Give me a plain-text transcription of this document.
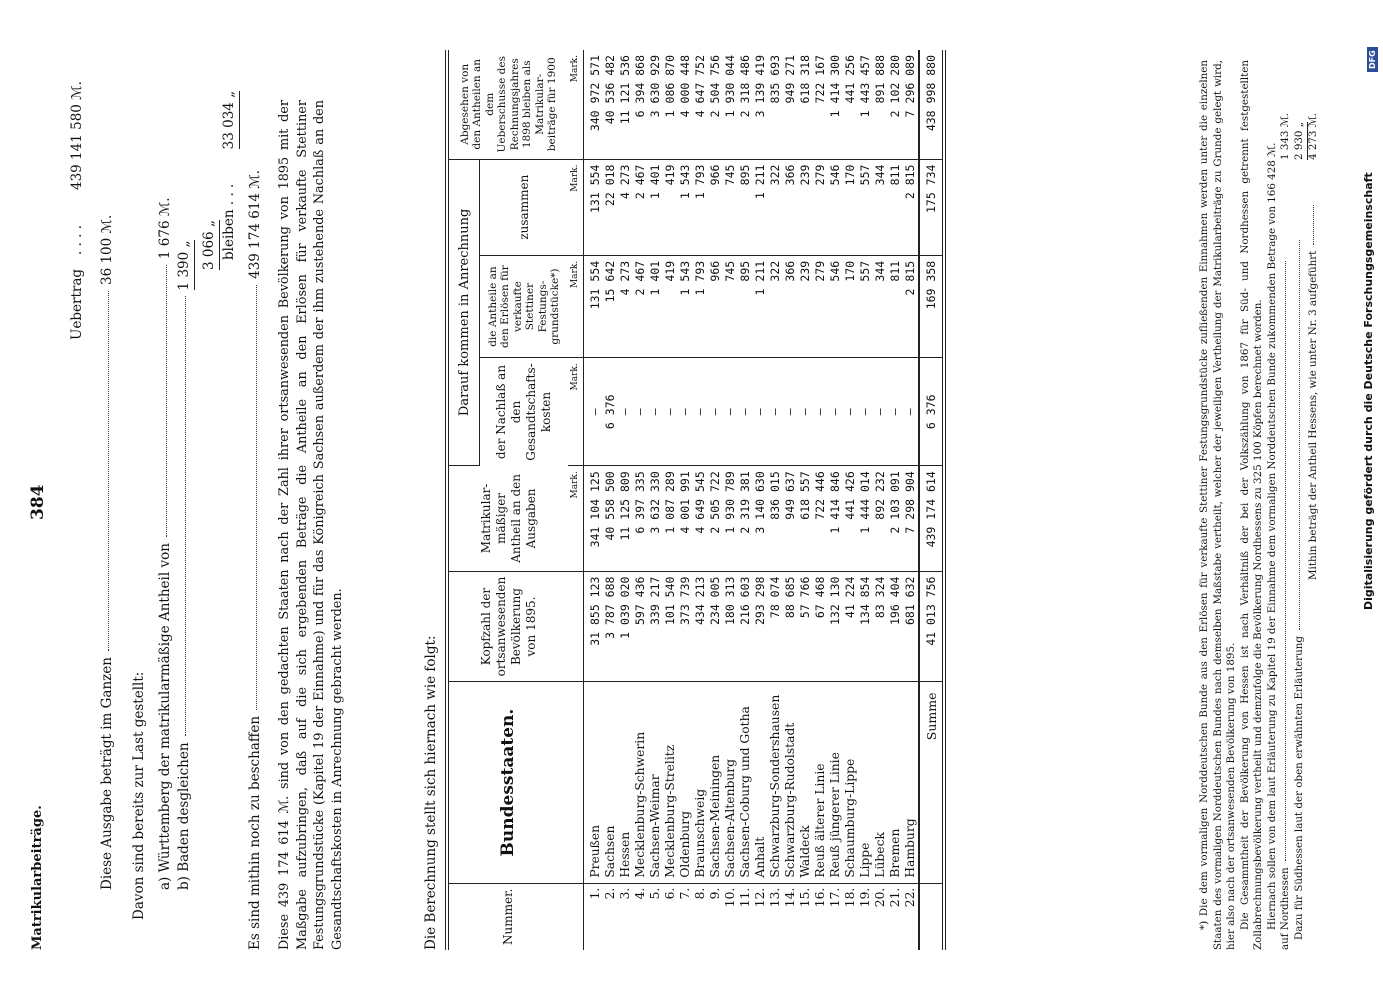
Matrikularbeiträge.
384
Uebertrag
. . . .
439 141 580 ℳ.
Diese Ausgabe beträgt im Ganzen36 100 ℳ.
Davon sind bereits zur Last gestellt: a) Württemberg der matrikularmäßige Antheil von1 676 ℳ.
b) Baden desgleichen1 390 „ 3 066 „ bleiben . . . 33 034 „
Es sind mithin noch zu beschaffen439 174 614 ℳ. Diese 439 174 614 ℳ. sind von den gedachten Staaten nach der Zahl ihrer ortsanwesenden Bevölkerung von 1895 mit der Maßgabe aufzubringen, daß auf die sich ergebenden Beträge die Antheile an den Erlösen für verkaufte Stettiner Festungsgrundstücke (Kapitel 19 der Einnahme) und für das Königreich Sachsen außerdem der ihm zustehende Nachlaß an den Gesandtschaftskosten in Anrechnung gebracht werden.	Die Berechnung stellt sich hiernach wie folgt:	Nummer.	Bundesstaaten.	Kopfzahl der ortsanwesenden Bevölkerung von 1895.	Matrikular-mäßiger Antheil an den Ausgaben	Darauf kommen in Anrechnung			Abgesehen von den Antheilen an dem Ueberschusse des Rechnungsjahres 1898 bleiben als Matrikular-beiträge für 1900
				der Nachlaß an den Gesandtschafts-kosten	die Antheile an den Erlösen für verkaufte Stettiner Festungs-grundstücke*)	zusammen	
			Mark.	Mark.	Mark.	Mark.	Mark.
1.	Preußen	31 855 123	341 104 125	—	131 554	131 554	340 972 571
2.	Sachsen	3 787 688	40 558 500	6 376	15 642	22 018	40 536 482
3.	Hessen	1 039 020	11 125 809	—	4 273	4 273	11 121 536
4.	Mecklenburg-Schwerin	597 436	6 397 335	—	2 467	2 467	6 394 868
5.	Sachsen-Weimar	339 217	3 632 330	—	1 401	1 401	3 630 929
6.	Mecklenburg-Strelitz	101 540	1 087 289	—	419	419	1 086 870
7.	Oldenburg	373 739	4 001 991	—	1 543	1 543	4 000 448
8.	Braunschweig	434 213	4 649 545	—	1 793	1 793	4 647 752
9.	Sachsen-Meiningen	234 005	2 505 722	—	966	966	2 504 756
10.	Sachsen-Altenburg	180 313	1 930 789	—	745	745	1 930 044
11.	Sachsen-Coburg und Gotha	216 603	2 319 381	—	895	895	2 318 486
12.	Anhalt	293 298	3 140 630	—	1 211	1 211	3 139 419
13.	Schwarzburg-Sondershausen	78 074	836 015	—	322	322	835 693
14.	Schwarzburg-Rudolstadt	88 685	949 637	—	366	366	949 271
15.	Waldeck	57 766	618 557	—	239	239	618 318
16.	Reuß älterer Linie	67 468	722 446	—	279	279	722 167
17.	Reuß jüngerer Linie	132 130	1 414 846	—	546	546	1 414 300
18.	Schaumburg-Lippe	41 224	441 426	—	170	170	441 256
19.	Lippe	134 854	1 444 014	—	557	557	1 443 457
20.	Lübeck	83 324	892 232	—	344	344	891 888
21.	Bremen	196 404	2 103 091	—	811	811	2 102 280
22.	Hamburg	681 632	7 298 904	—	2 815	2 815	7 296 089
	Summe	41 013 756	439 174 614	6 376	169 358	175 734	438 998 880	*) Die dem vormaligen Norddeutschen Bunde aus den Erlösen für verkaufte Stettiner Festungsgrundstücke zufließenden Einnahmen werden unter die einzelnen Staaten des vormaligen Norddeutschen Bundes nach demselben Maßstabe vertheilt, welcher der jeweiligen Vertheilung der Matrikularbeiträge zu Grunde gelegt wird, hier also nach der ortsanwesenden Bevölkerung von 1895. Die Gesammtheit der Bevölkerung von Hessen ist nach Verhältniß der bei der Volkszählung von 1867 für Süd- und Nordhessen getrennt festgestellten Zollabrechnungsbevölkerung vertheilt und demzufolge die Bevölkerung Nordhessens zu 325 100 Köpfen berechnet worden. Hiernach sollen von dem laut Erläuterung zu Kapitel 19 der Einnahme dem vormaligen Norddeutschen Bunde zukommenden Betrage von 166 428 ℳ. auf Nordhessen
1 343 ℳ.
Dazu für Südhessen laut der oben erwähnten Erläuterung
2 930 „
Mithin beträgt der Antheil Hessens, wie unter Nr. 3 aufgeführt
4 273 ℳ.
Digitalisierung gefördert durch die Deutsche Forschungsgemeinschaft
DFG
